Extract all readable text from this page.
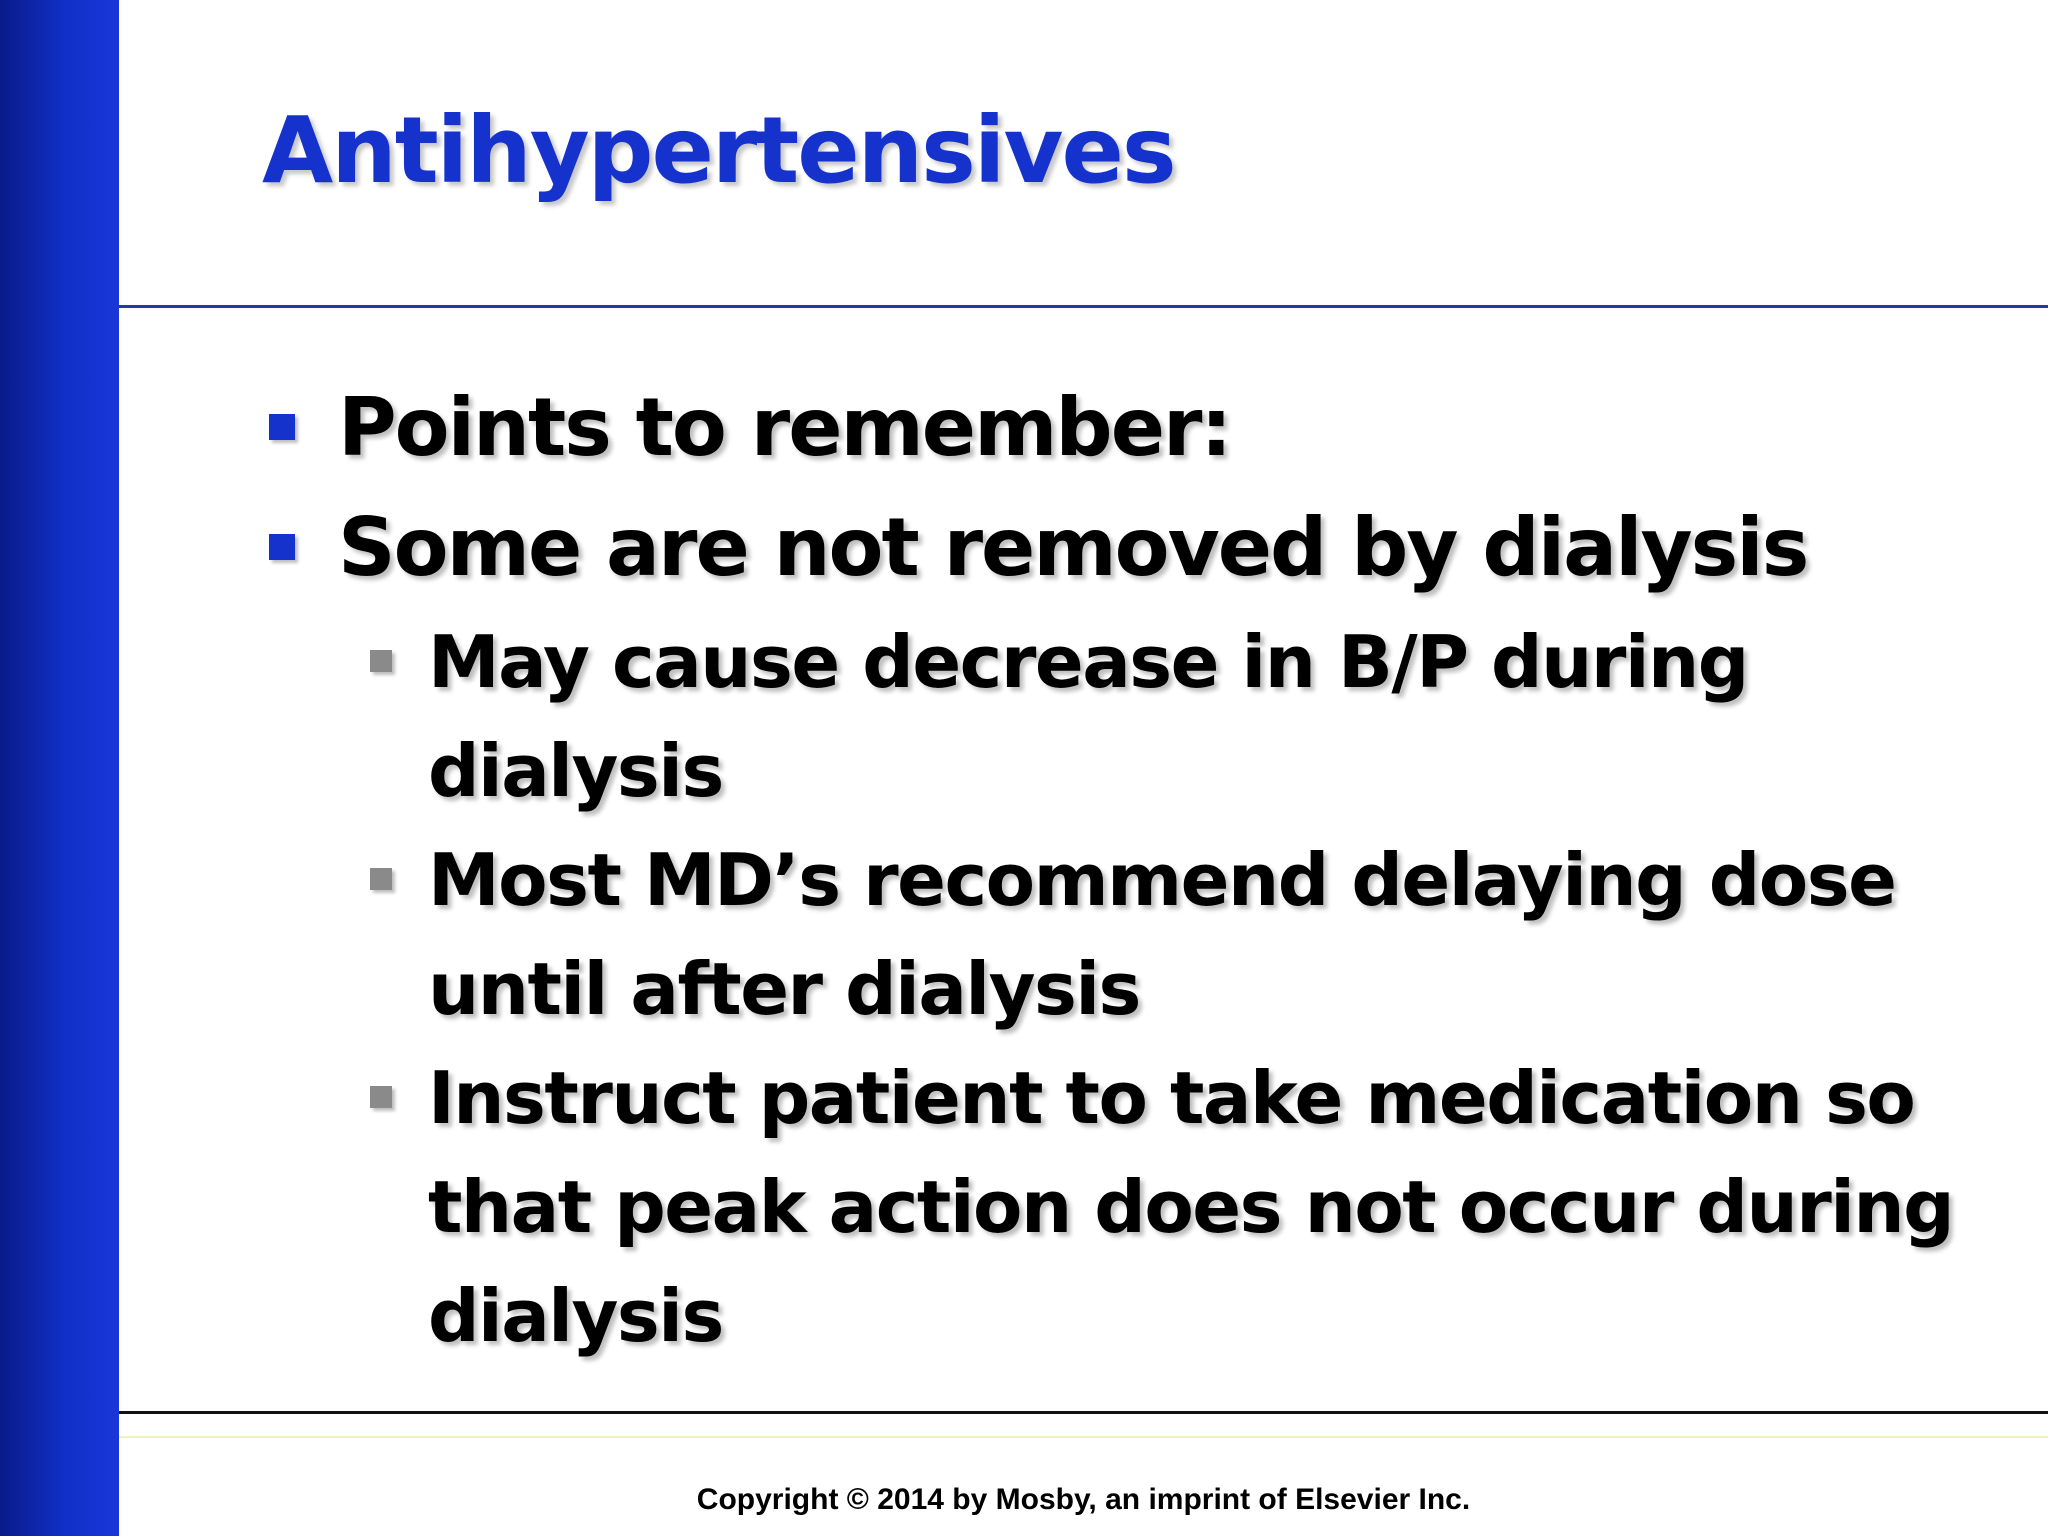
Antihypertensives
Points to remember:
Some are not removed by dialysis
May cause decrease in B/P during
dialysis
Most MD’s recommend delaying dose
until after dialysis
Instruct patient to take medication so
that peak action does not occur during
dialysis
Copyright © 2014 by Mosby, an imprint of Elsevier Inc.
